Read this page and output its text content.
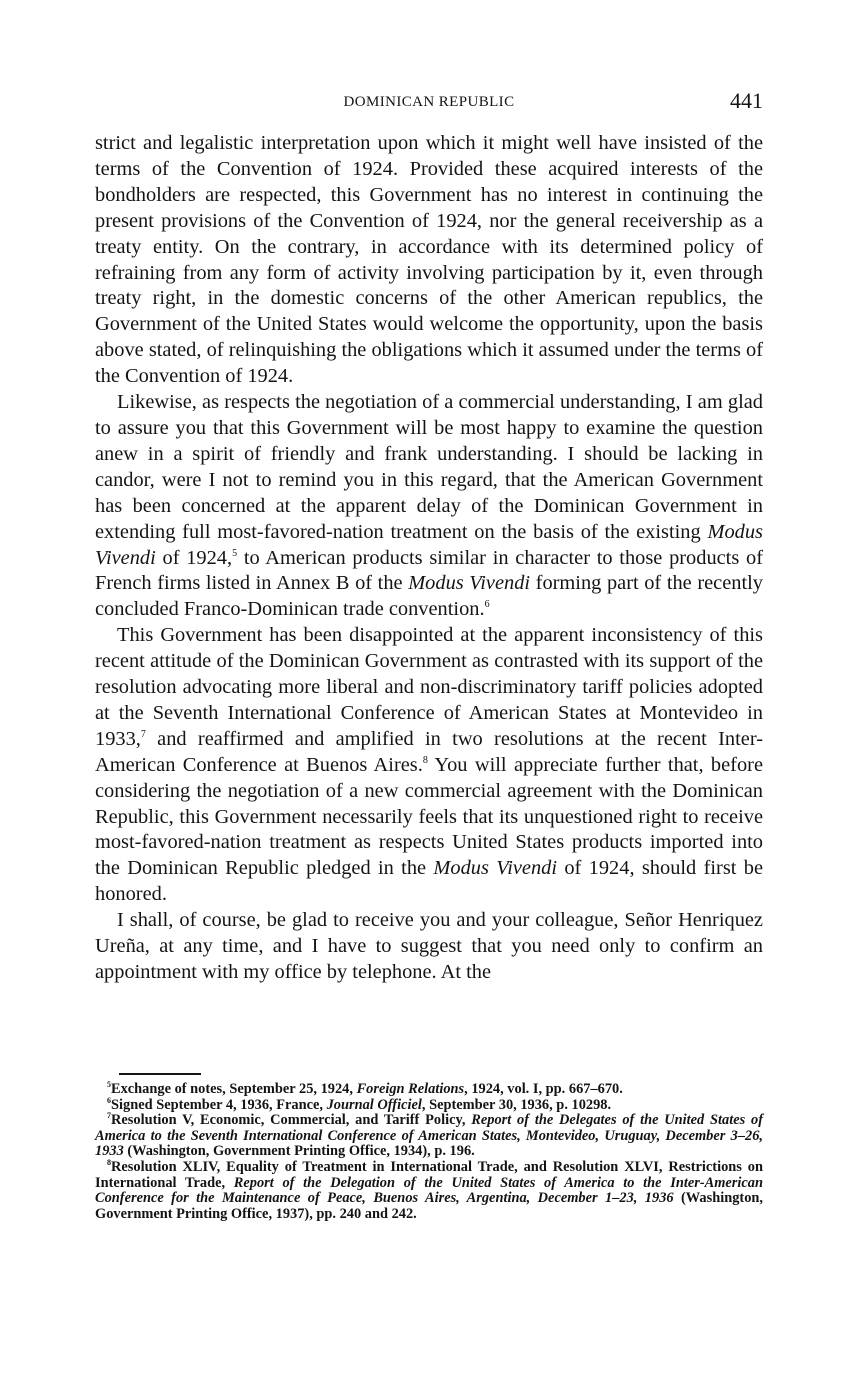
DOMINICAN REPUBLIC	441

strict and legalistic interpretation upon which it might well have insisted of the terms of the Convention of 1924. Provided these acquired interests of the bondholders are respected, this Government has no interest in continuing the present provisions of the Convention of 1924, nor the general receivership as a treaty entity. On the contrary, in accordance with its determined policy of refraining from any form of activity involving participation by it, even through treaty right, in the domestic concerns of the other American republics, the Government of the United States would welcome the opportunity, upon the basis above stated, of relinquishing the obligations which it assumed under the terms of the Convention of 1924.

Likewise, as respects the negotiation of a commercial understanding, I am glad to assure you that this Government will be most happy to examine the question anew in a spirit of friendly and frank understanding. I should be lacking in candor, were I not to remind you in this regard, that the American Government has been concerned at the apparent delay of the Dominican Government in extending full most-favored-nation treatment on the basis of the existing Modus Vivendi of 1924,$^5$ to American products similar in character to those products of French firms listed in Annex B of the Modus Vivendi forming part of the recently concluded Franco-Dominican trade convention.$^6$

This Government has been disappointed at the apparent inconsistency of this recent attitude of the Dominican Government as contrasted with its support of the resolution advocating more liberal and non-discriminatory tariff policies adopted at the Seventh International Conference of American States at Montevideo in 1933,$^7$ and reaffirmed and amplified in two resolutions at the recent Inter-American Conference at Buenos Aires.$^8$ You will appreciate further that, before considering the negotiation of a new commercial agreement with the Dominican Republic, this Government necessarily feels that its unquestioned right to receive most-favored-nation treatment as respects United States products imported into the Dominican Republic pledged in the Modus Vivendi of 1924, should first be honored.

I shall, of course, be glad to receive you and your colleague, Señor Henriquez Ureña, at any time, and I have to suggest that you need only to confirm an appointment with my office by telephone. At the

$^5$Exchange of notes, September 25, 1924, Foreign Relations, 1924, vol. I, pp. 667–670.

$^6$Signed September 4, 1936, France, Journal Officiel, September 30, 1936, p. 10298.

$^7$Resolution V, Economic, Commercial, and Tariff Policy, Report of the Delegates of the United States of America to the Seventh International Conference of American States, Montevideo, Uruguay, December 3–26, 1933 (Washington, Government Printing Office, 1934), p. 196.

$^8$Resolution XLIV, Equality of Treatment in International Trade, and Resolution XLVI, Restrictions on International Trade, Report of the Delegation of the United States of America to the Inter-American Conference for the Maintenance of Peace, Buenos Aires, Argentina, December 1–23, 1936 (Washington, Government Printing Office, 1937), pp. 240 and 242.
